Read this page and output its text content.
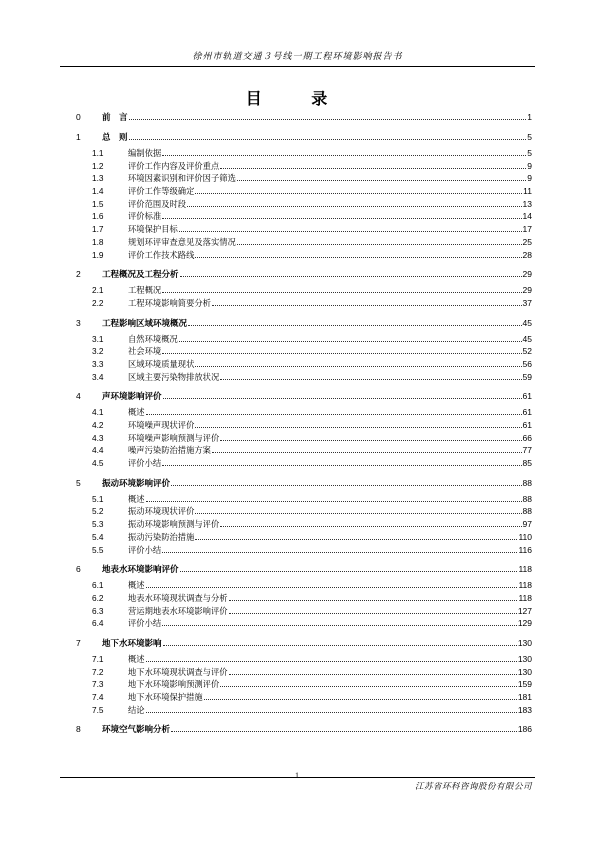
徐州市轨道交通３号线一期工程环境影响报告书
目 录
0	前　言	1
1	总　则	5
1.1	编制依据	5
1.2	评价工作内容及评价重点	9
1.3	环境因素识别和评价因子筛选	9
1.4	评价工作等级确定	11
1.5	评价范围及时段	13
1.6	评价标准	14
1.7	环境保护目标	17
1.8	规划环评审查意见及落实情况	25
1.9	评价工作技术路线	28
2	工程概况及工程分析	29
2.1	工程概况	29
2.2	工程环境影响简要分析	37
3	工程影响区域环境概况	45
3.1	自然环境概况	45
3.2	社会环境	52
3.3	区域环境质量现状	56
3.4	区域主要污染物排放状况	59
4	声环境影响评价	61
4.1	概述	61
4.2	环境噪声现状评价	61
4.3	环境噪声影响预测与评价	66
4.4	噪声污染防治措施方案	77
4.5	评价小结	85
5	振动环境影响评价	88
5.1	概述	88
5.2	振动环境现状评价	88
5.3	振动环境影响预测与评价	97
5.4	振动污染防治措施	110
5.5	评价小结	116
6	地表水环境影响评价	118
6.1	概述	118
6.2	地表水环境现状调查与分析	118
6.3	营运期地表水环境影响评价	127
6.4	评价小结	129
7	地下水环境影响	130
7.1	概述	130
7.2	地下水环境现状调查与评价	130
7.3	地下水环境影响预测评价	159
7.4	地下水环境保护措施	181
7.5	结论	183
8	环境空气影响分析	186
1
江苏省环科咨询股份有限公司
